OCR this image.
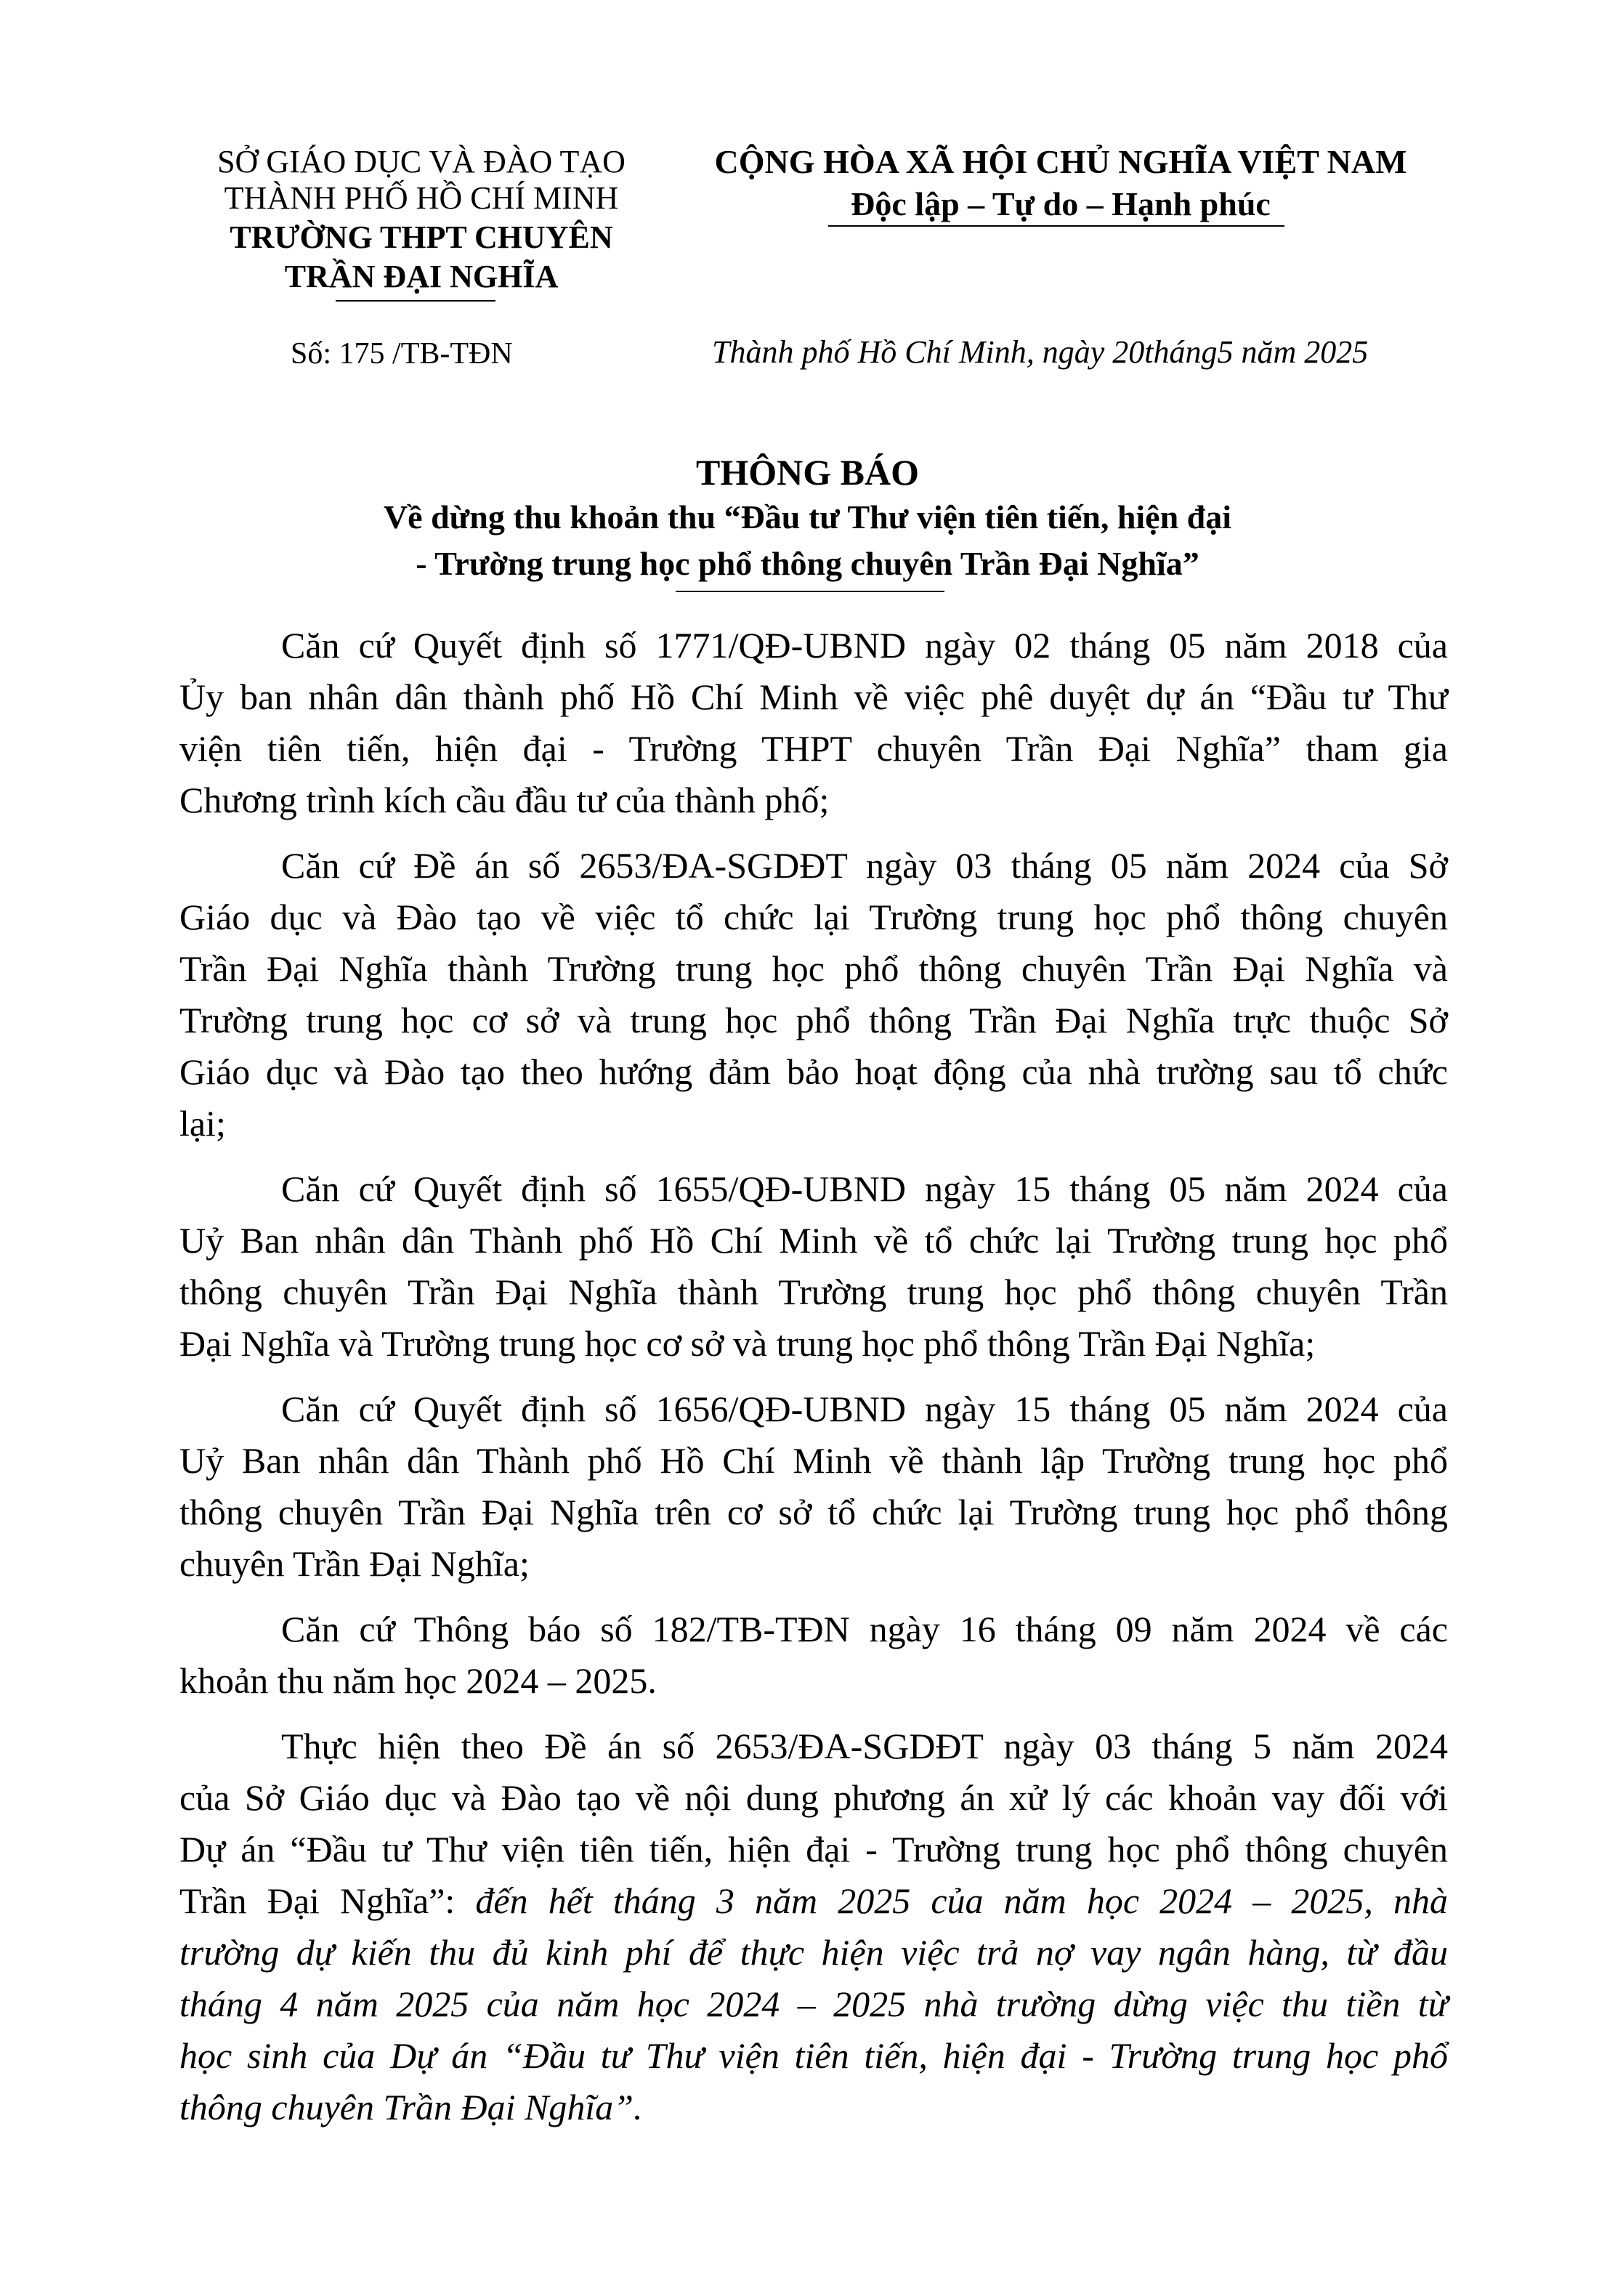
SỞ GIÁO DỤC VÀ ĐÀO TẠO
THÀNH PHỐ HỒ CHÍ MINH
TRƯỜNG THPT CHUYÊN
TRẦN ĐẠI NGHĨA
Số: 175 /TB-TĐN
CỘNG HÒA XÃ HỘI CHỦ NGHĨA VIỆT NAM
Độc lập – Tự do – Hạnh phúc
Thành phố Hồ Chí Minh, ngày 20tháng5 năm 2025
THÔNG BÁO
Về dừng thu khoản thu “Đầu tư Thư viện tiên tiến, hiện đại
- Trường trung học phổ thông chuyên Trần Đại Nghĩa”
Căn cứ Quyết định số 1771/QĐ-UBND ngày 02 tháng 05 năm 2018 của
Ủy ban nhân dân thành phố Hồ Chí Minh về việc phê duyệt dự án “Đầu tư Thư
viện tiên tiến, hiện đại - Trường THPT chuyên Trần Đại Nghĩa” tham gia
Chương trình kích cầu đầu tư của thành phố;
Căn cứ Đề án số 2653/ĐA-SGDĐT ngày 03 tháng 05 năm 2024 của Sở
Giáo dục và Đào tạo về việc tổ chức lại Trường trung học phổ thông chuyên
Trần Đại Nghĩa thành Trường trung học phổ thông chuyên Trần Đại Nghĩa và
Trường trung học cơ sở và trung học phổ thông Trần Đại Nghĩa trực thuộc Sở
Giáo dục và Đào tạo theo hướng đảm bảo hoạt động của nhà trường sau tổ chức
lại;
Căn cứ Quyết định số 1655/QĐ-UBND ngày 15 tháng 05 năm 2024 của
Uỷ Ban nhân dân Thành phố Hồ Chí Minh về tổ chức lại Trường trung học phổ
thông chuyên Trần Đại Nghĩa thành Trường trung học phổ thông chuyên Trần
Đại Nghĩa và Trường trung học cơ sở và trung học phổ thông Trần Đại Nghĩa;
Căn cứ Quyết định số 1656/QĐ-UBND ngày 15 tháng 05 năm 2024 của
Uỷ Ban nhân dân Thành phố Hồ Chí Minh về thành lập Trường trung học phổ
thông chuyên Trần Đại Nghĩa trên cơ sở tổ chức lại Trường trung học phổ thông
chuyên Trần Đại Nghĩa;
Căn cứ Thông báo số 182/TB-TĐN ngày 16 tháng 09 năm 2024 về các
khoản thu năm học 2024 – 2025.
Thực hiện theo Đề án số 2653/ĐA-SGDĐT ngày 03 tháng 5 năm 2024
của Sở Giáo dục và Đào tạo về nội dung phương án xử lý các khoản vay đối với
Dự án “Đầu tư Thư viện tiên tiến, hiện đại - Trường trung học phổ thông chuyên
Trần Đại Nghĩa”: đến hết tháng 3 năm 2025 của năm học 2024 – 2025, nhà
trường dự kiến thu đủ kinh phí để thực hiện việc trả nợ vay ngân hàng, từ đầu
tháng 4 năm 2025 của năm học 2024 – 2025 nhà trường dừng việc thu tiền từ
học sinh của Dự án “Đầu tư Thư viện tiên tiến, hiện đại - Trường trung học phổ
thông chuyên Trần Đại Nghĩa”.
